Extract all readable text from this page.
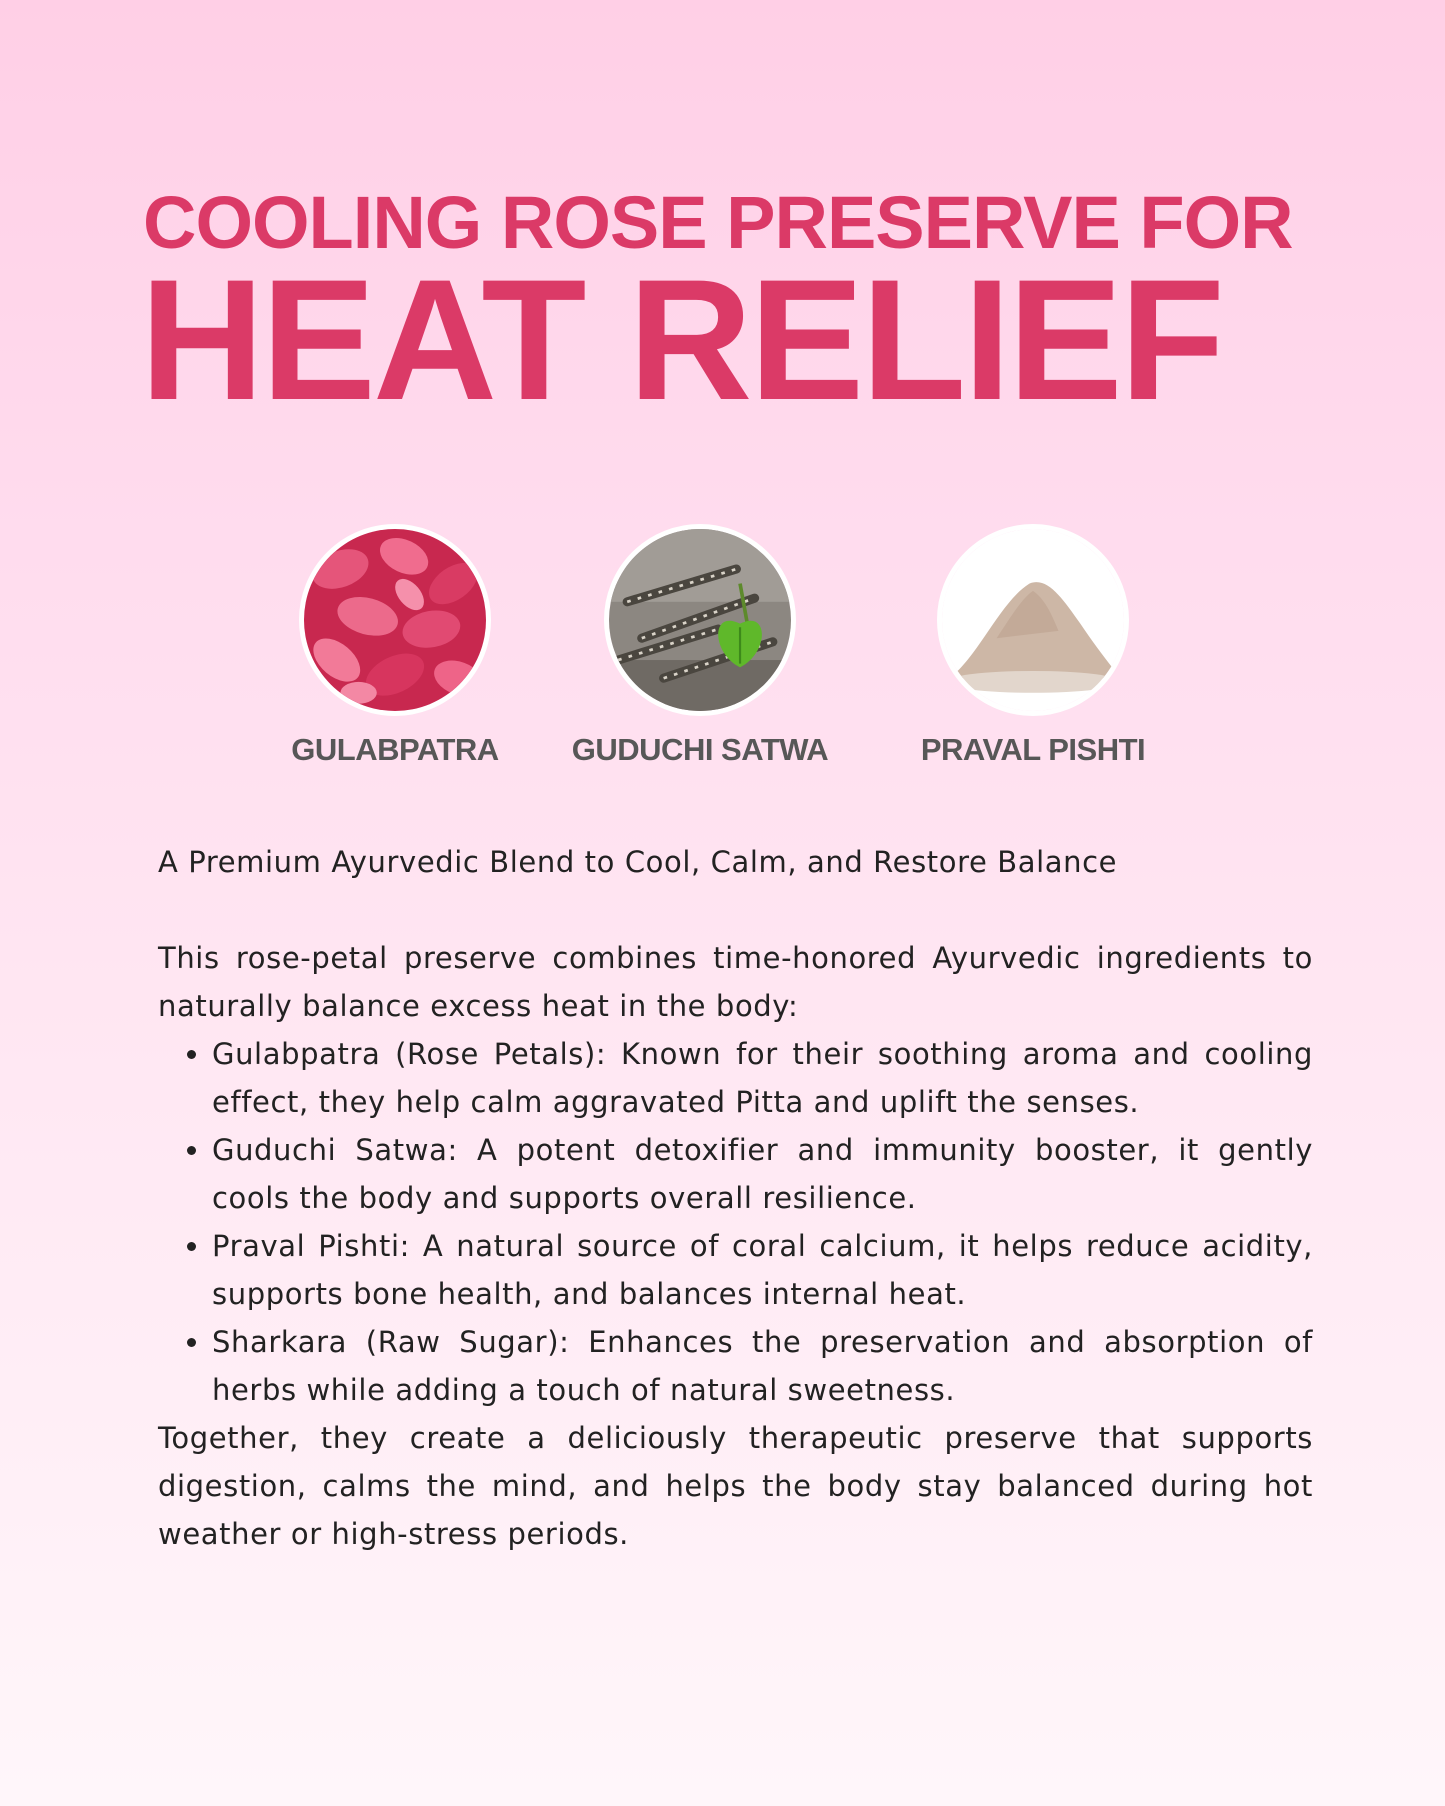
COOLING ROSE PRESERVE FOR
HEAT RELIEF
GULABPATRA	GUDUCHI SATWA	PRAVAL PISHTI

A Premium Ayurvedic Blend to Cool, Calm, and Restore Balance

This rose-petal preserve combines time-honored Ayurvedic ingredients to naturally balance excess heat in the body:

• Gulabpatra (Rose Petals): Known for their soothing aroma and cooling effect, they help calm aggravated Pitta and uplift the senses.
• Guduchi Satwa: A potent detoxifier and immunity booster, it gently cools the body and supports overall resilience.
• Praval Pishti: A natural source of coral calcium, it helps reduce acidity, supports bone health, and balances internal heat.
• Sharkara (Raw Sugar): Enhances the preservation and absorption of herbs while adding a touch of natural sweetness.

Together, they create a deliciously therapeutic preserve that supports digestion, calms the mind, and helps the body stay balanced during hot weather or high-stress periods.
